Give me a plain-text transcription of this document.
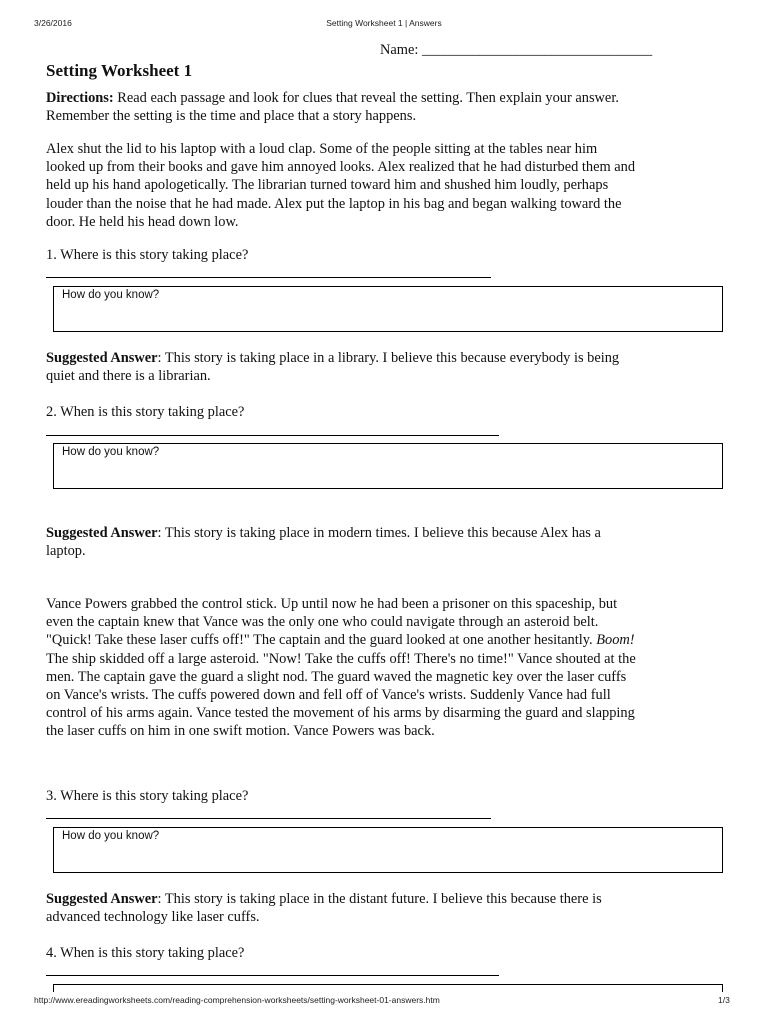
3/26/2016	Setting Worksheet 1 | Answers
Name: ________________________________
Setting Worksheet 1
Directions: Read each passage and look for clues that reveal the setting. Then explain your answer.
Remember the setting is the time and place that a story happens.
Alex shut the lid to his laptop with a loud clap. Some of the people sitting at the tables near him
looked up from their books and gave him annoyed looks. Alex realized that he had disturbed them and
held up his hand apologetically. The librarian turned toward him and shushed him loudly, perhaps
louder than the noise that he had made. Alex put the laptop in his bag and began walking toward the
door. He held his head down low.
1. Where is this story taking place?
How do you know?
Suggested Answer: This story is taking place in a library. I believe this because everybody is being
quiet and there is a librarian.
2. When is this story taking place?
How do you know?
Suggested Answer: This story is taking place in modern times. I believe this because Alex has a
laptop.
Vance Powers grabbed the control stick. Up until now he had been a prisoner on this spaceship, but
even the captain knew that Vance was the only one who could navigate through an asteroid belt.
"Quick! Take these laser cuffs off!" The captain and the guard looked at one another hesitantly. Boom!
The ship skidded off a large asteroid. "Now! Take the cuffs off! There's no time!" Vance shouted at the
men. The captain gave the guard a slight nod. The guard waved the magnetic key over the laser cuffs
on Vance's wrists. The cuffs powered down and fell off of Vance's wrists. Suddenly Vance had full
control of his arms again. Vance tested the movement of his arms by disarming the guard and slapping
the laser cuffs on him in one swift motion. Vance Powers was back.
3. Where is this story taking place?
How do you know?
Suggested Answer: This story is taking place in the distant future. I believe this because there is
advanced technology like laser cuffs.
4. When is this story taking place?
http://www.ereadingworksheets.com/reading-comprehension-worksheets/setting-worksheet-01-answers.htm	1/3
